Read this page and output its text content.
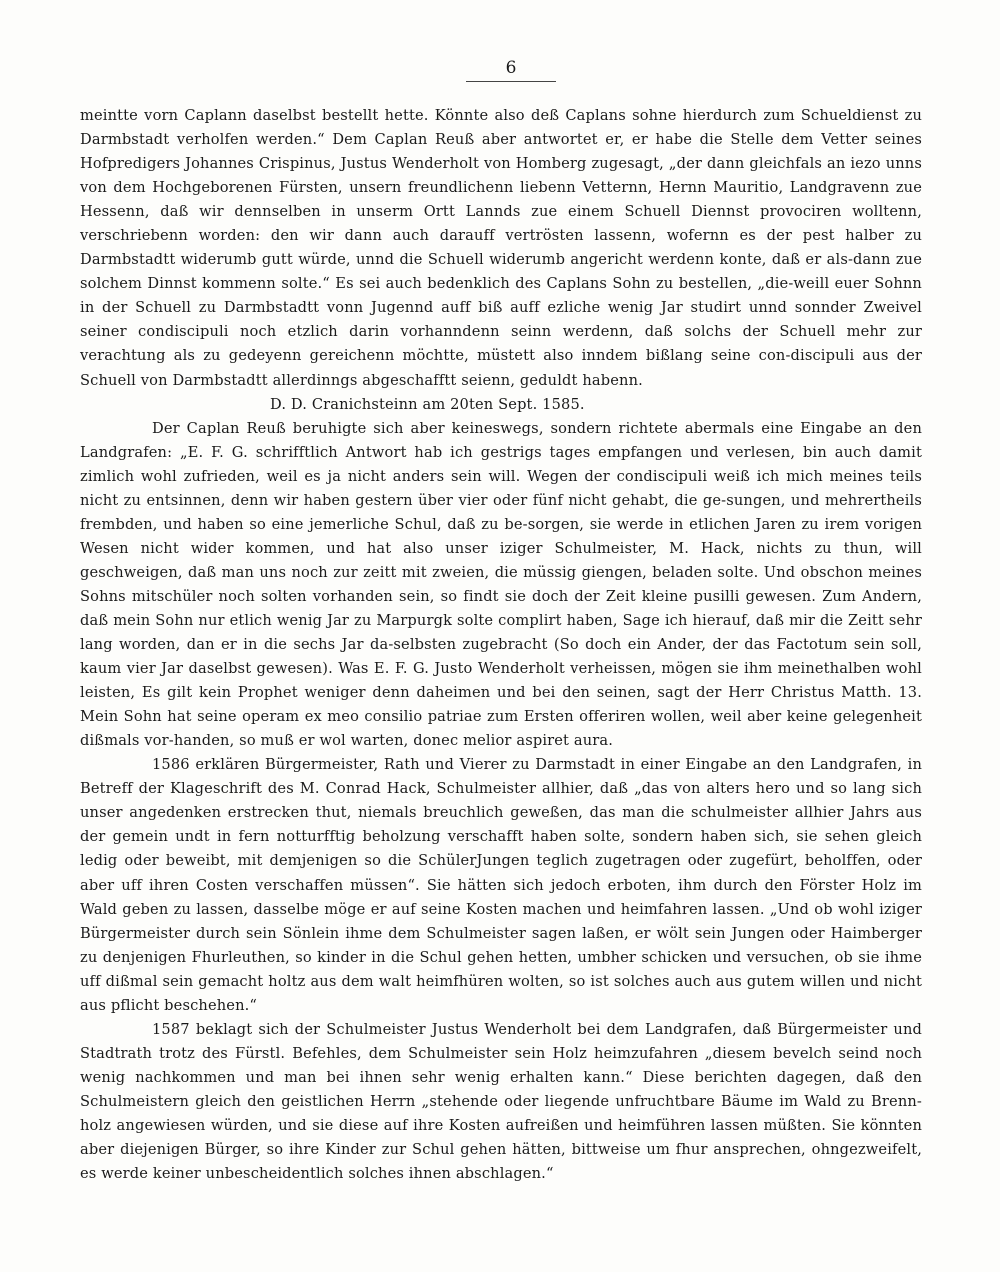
6

meintte vorn Caplann daselbst bestellt hette. Könnte also deß Caplans sohne hierdurch zum Schueldienst zu Darmbstadt verholfen werden.“ Dem Caplan Reuß aber antwortet er, er habe die Stelle dem Vetter seines Hofpredigers Johannes Crispinus, Justus Wenderholt von Homberg zugesagt, „der dann gleichfals an iezo unns von dem Hochgeborenen Fürsten, unsern freundlichenn liebenn Vetternn, Hernn Mauritio, Landgravenn zue Hessenn, daß wir dennselben in unserm Ortt Lannds zue einem Schuell Diennst provociren wolltenn, verschriebenn worden: den wir dann auch darauff vertrösten lassenn, wofernn es der pest halber zu Darmbstadtt widerumb gutt würde, unnd die Schuell widerumb angericht werdenn konte, daß er als-dann zue solchem Dinnst kommenn solte.“ Es sei auch bedenklich des Caplans Sohn zu bestellen, „die-weill euer Sohnn in der Schuell zu Darmbstadtt vonn Jugennd auff biß auff ezliche wenig Jar studirt unnd sonnder Zweivel seiner condiscipuli noch etzlich darin vorhanndenn seinn werdenn, daß solchs der Schuell mehr zur verachtung als zu gedeyenn gereichenn möchtte, müstett also inndem bißlang seine con-discipuli aus der Schuell von Darmbstadtt allerdinngs abgeschafftt seienn, geduldt habenn.

D. D. Cranichsteinn am 20ten Sept. 1585.

Der Caplan Reuß beruhigte sich aber keineswegs, sondern richtete abermals eine Eingabe an den Landgrafen: „E. F. G. schrifftlich Antwort hab ich gestrigs tages empfangen und verlesen, bin auch damit zimlich wohl zufrieden, weil es ja nicht anders sein will. Wegen der condiscipuli weiß ich mich meines teils nicht zu entsinnen, denn wir haben gestern über vier oder fünf nicht gehabt, die ge-sungen, und mehrertheils frembden, und haben so eine jemerliche Schul, daß zu be-sorgen, sie werde in etlichen Jaren zu irem vorigen Wesen nicht wider kommen, und hat also unser iziger Schulmeister, M. Hack, nichts zu thun, will geschweigen, daß man uns noch zur zeitt mit zweien, die müssig giengen, beladen solte. Und obschon meines Sohns mitschüler noch solten vorhanden sein, so findt sie doch der Zeit kleine pusilli gewesen. Zum Andern, daß mein Sohn nur etlich wenig Jar zu Marpurgk solte complirt haben, Sage ich hierauf, daß mir die Zeitt sehr lang worden, dan er in die sechs Jar da-selbsten zugebracht (So doch ein Ander, der das Factotum sein soll, kaum vier Jar daselbst gewesen). Was E. F. G. Justo Wenderholt verheissen, mögen sie ihm meinethalben wohl leisten, Es gilt kein Prophet weniger denn daheimen und bei den seinen, sagt der Herr Christus Matth. 13. Mein Sohn hat seine operam ex meo consilio patriae zum Ersten offeriren wollen, weil aber keine gelegenheit dißmals vor-handen, so muß er wol warten, donec melior aspiret aura.

1586 erklären Bürgermeister, Rath und Vierer zu Darmstadt in einer Eingabe an den Landgrafen, in Betreff der Klageschrift des M. Conrad Hack, Schulmeister allhier, daß „das von alters hero und so lang sich unser angedenken erstrecken thut, niemals breuchlich geweßen, das man die schulmeister allhier Jahrs aus der gemein undt in fern notturfftig beholzung verschafft haben solte, sondern haben sich, sie sehen gleich ledig oder beweibt, mit demjenigen so die SchülerJungen teglich zugetragen oder zugefürt, beholffen, oder aber uff ihren Costen verschaffen müssen“. Sie hätten sich jedoch erboten, ihm durch den Förster Holz im Wald geben zu lassen, dasselbe möge er auf seine Kosten machen und heimfahren lassen. „Und ob wohl iziger Bürgermeister durch sein Sönlein ihme dem Schulmeister sagen laßen, er wölt sein Jungen oder Haimberger zu denjenigen Fhurleuthen, so kinder in die Schul gehen hetten, umbher schicken und versuchen, ob sie ihme uff dißmal sein gemacht holtz aus dem walt heimfhüren wolten, so ist solches auch aus gutem willen und nicht aus pflicht beschehen.“

1587 beklagt sich der Schulmeister Justus Wenderholt bei dem Landgrafen, daß Bürgermeister und Stadtrath trotz des Fürstl. Befehles, dem Schulmeister sein Holz heimzufahren „diesem bevelch seind noch wenig nachkommen und man bei ihnen sehr wenig erhalten kann.“ Diese berichten dagegen, daß den Schulmeistern gleich den geistlichen Herrn „stehende oder liegende unfruchtbare Bäume im Wald zu Brenn-holz angewiesen würden, und sie diese auf ihre Kosten aufreißen und heimführen lassen müßten. Sie könnten aber diejenigen Bürger, so ihre Kinder zur Schul gehen hätten, bittweise um fhur ansprechen, ohngezweifelt, es werde keiner unbescheidentlich solches ihnen abschlagen.“
